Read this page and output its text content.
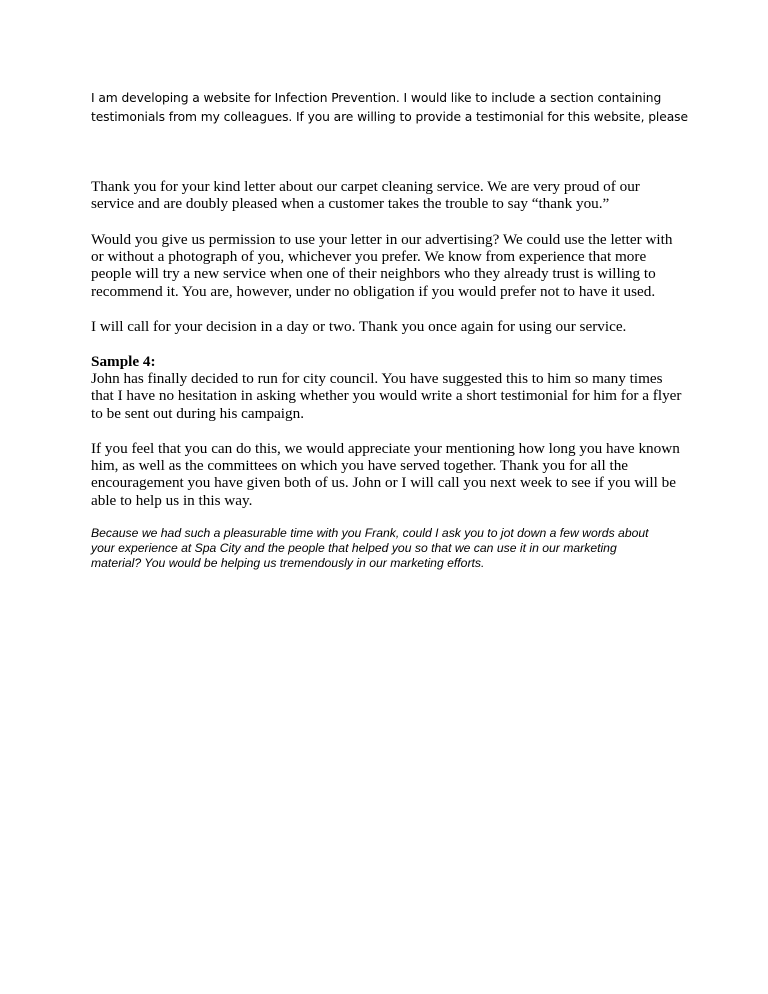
I am developing a website for Infection Prevention. I would like to include a section containing
testimonials from my colleagues. If you are willing to provide a testimonial for this website, please
Thank you for your kind letter about our carpet cleaning service. We are very proud of our
service and are doubly pleased when a customer takes the trouble to say “thank you.”
Would you give us permission to use your letter in our advertising? We could use the letter with
or without a photograph of you, whichever you prefer. We know from experience that more
people will try a new service when one of their neighbors who they already trust is willing to
recommend it. You are, however, under no obligation if you would prefer not to have it used.
I will call for your decision in a day or two. Thank you once again for using our service.
Sample 4:
John has finally decided to run for city council. You have suggested this to him so many times
that I have no hesitation in asking whether you would write a short testimonial for him for a flyer
to be sent out during his campaign.
If you feel that you can do this, we would appreciate your mentioning how long you have known
him, as well as the committees on which you have served together. Thank you for all the
encouragement you have given both of us. John or I will call you next week to see if you will be
able to help us in this way.
Because we had such a pleasurable time with you Frank, could I ask you to jot down a few words about
your experience at Spa City and the people that helped you so that we can use it in our marketing
material? You would be helping us tremendously in our marketing efforts.
